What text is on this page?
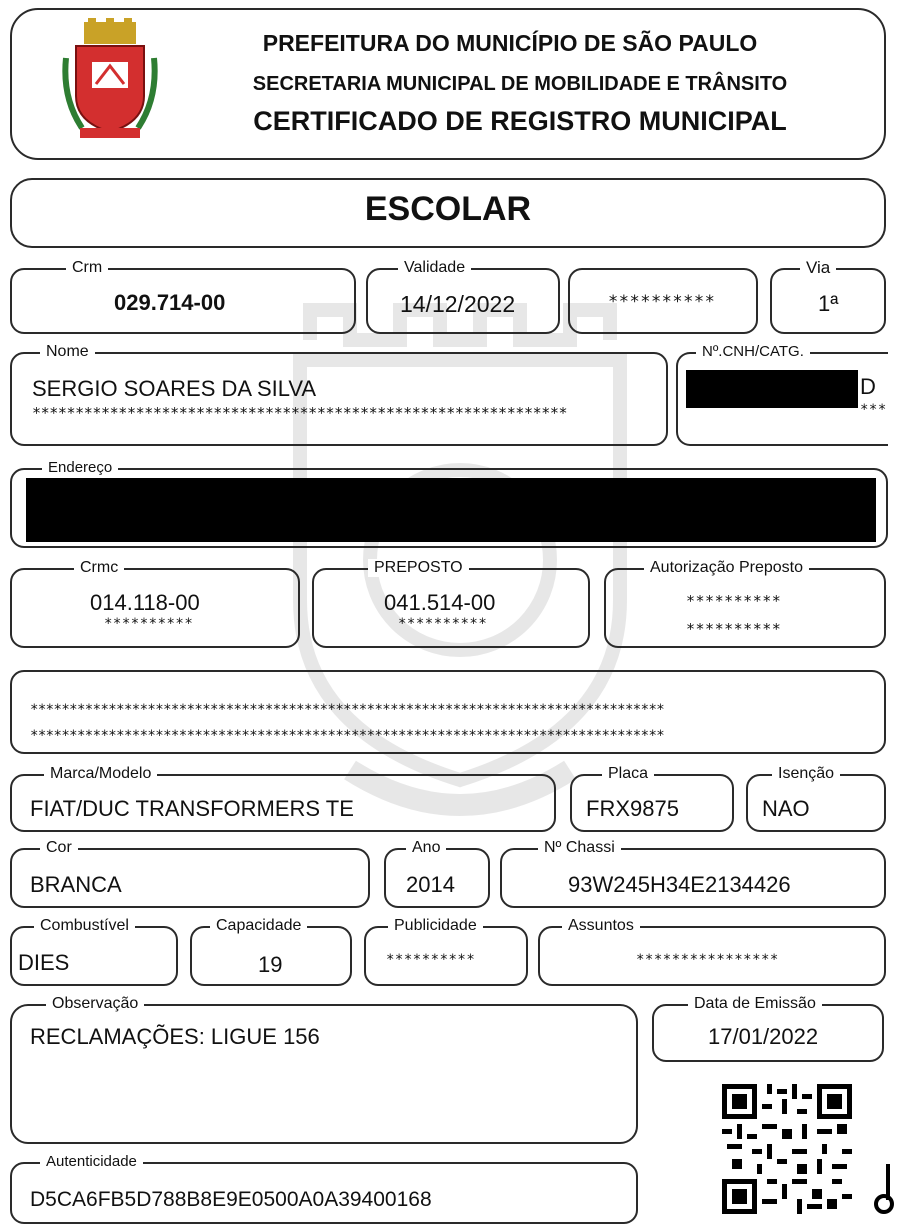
PREFEITURA DO MUNICÍPIO DE SÃO PAULO
SECRETARIA MUNICIPAL DE MOBILIDADE E TRÂNSITO
CERTIFICADO DE REGISTRO MUNICIPAL
ESCOLAR
Crm
029.714-00
Validade
14/12/2022	**********
Via
1ª
Nome
SERGIO SOARES DA SILVA
**************************************************************
Nº.CNH/CATG.
D
***
Endereço
Crmc
014.118-00
**********
PREPOSTO
041.514-00
**********
Autorização Preposto
**********
**********
*********************************************************************************
*********************************************************************************
Marca/Modelo
FIAT/DUC TRANSFORMERS TE
Placa
FRX9875
Isenção
NAO
Cor
BRANCA
Ano
2014
Nº Chassi
93W245H34E2134426
Combustível
DIES
Capacidade
19
Publicidade
**********
Assuntos
****************
Observação
RECLAMAÇÕES: LIGUE 156
Data de Emissão
17/01/2022
Autenticidade
D5CA6FB5D788B8E9E0500A0A39400168
